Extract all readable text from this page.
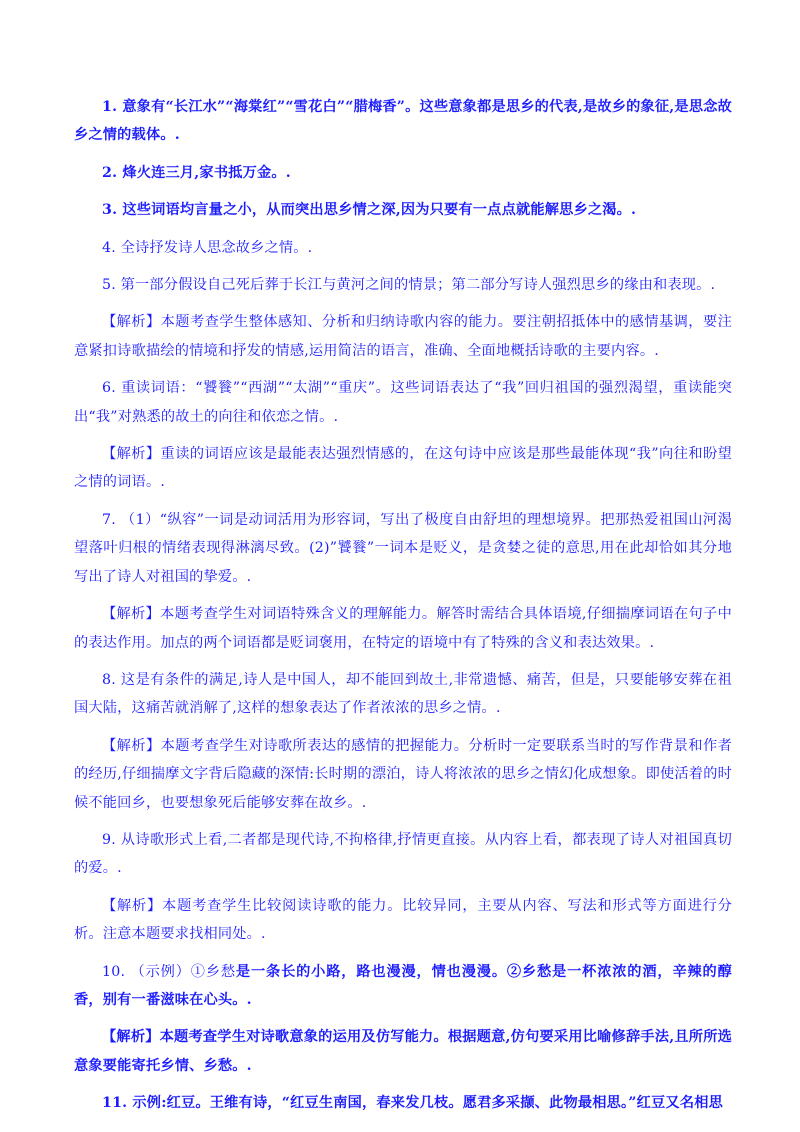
1. 意象有“长江水”“海棠红”“雪花白”“腊梅香”。这些意象都是思乡的代表,是故乡的象征,是思念故乡之情的载体。.

2. 烽火连三月,家书抵万金。.

3. 这些词语均言量之小，从而突出思乡情之深,因为只要有一点点就能解思乡之渴。.

4. 全诗抒发诗人思念故乡之情。.

5. 第一部分假设自己死后葬于长江与黄河之间的情景；第二部分写诗人强烈思乡的缘由和表现。.

【解析】本题考查学生整体感知、分析和归纳诗歌内容的能力。要注朝招抵体中的感情基调，要注意紧扣诗歌描绘的情境和抒发的情感,运用简洁的语言，准确、全面地概括诗歌的主要内容。.

6. 重读词语：“饕餮”“西湖”“太湖”“重庆”。这些词语表达了“我”回归祖国的强烈渴望，重读能突出“我”对熟悉的故土的向往和依恋之情。.

【解析】重读的词语应该是最能表达强烈情感的，在这句诗中应该是那些最能体现“我”向往和盼望之情的词语。.

7. （1）“纵容”一词是动词活用为形容词，写出了极度自由舒坦的理想境界。把那热爱祖国山河渴望落叶归根的情绪表现得淋漓尽致。(2)”饕餮”一词本是贬义，是贪婪之徒的意思,用在此却恰如其分地写出了诗人对祖国的挚爱。.

【解析】本题考查学生对词语特殊含义的理解能力。解答时需结合具体语境,仔细揣摩词语在句子中的表达作用。加点的两个词语都是贬词褒用，在特定的语境中有了特殊的含义和表达效果。.

8. 这是有条件的满足,诗人是中国人，却不能回到故土,非常遗憾、痛苦，但是，只要能够安葬在祖国大陆，这痛苦就消解了,这样的想象表达了作者浓浓的思乡之情。.

【解析】本题考查学生对诗歌所表达的感情的把握能力。分析时一定要联系当时的写作背景和作者的经历,仔细揣摩文字背后隐藏的深情:长时期的漂泊，诗人将浓浓的思乡之情幻化成想象。即使活着的时候不能回乡，也要想象死后能够安葬在故乡。.

9. 从诗歌形式上看,二者都是现代诗,不拘格律,抒情更直接。从内容上看，都表现了诗人对祖国真切的爱。.

【解析】本题考查学生比较阅读诗歌的能力。比较异同，主要从内容、写法和形式等方面进行分析。注意本题要求找相同处。.

10. （示例）①乡愁是一条长的小路，路也漫漫，情也漫漫。②乡愁是一杯浓浓的酒，辛辣的醇香，别有一番滋味在心头。.

【解析】本题考查学生对诗歌意象的运用及仿写能力。根据题意,仿句要采用比喻修辞手法,且所所选意象要能寄托乡情、乡愁。.

11. 示例:红豆。王维有诗，“红豆生南国，春来发几枝。愿君多采撷、此物最相思。”红豆又名相思
